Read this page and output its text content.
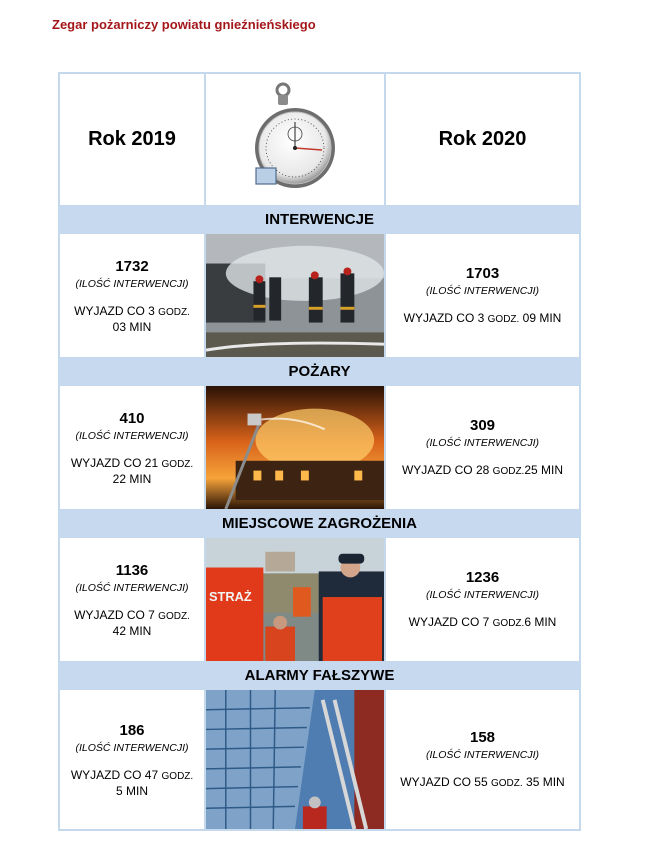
Zegar pożarniczy powiatu gnieźnieńskiego
Rok 2019	Rok 2020
INTERWENCJE
1732
(ILOŚĆ INTERWENCJI)
WYJAZD CO 3 GODZ.
03 MIN
1703
(ILOŚĆ INTERWENCJI)
WYJAZD CO 3 GODZ. 09 MIN
POŻARY
410
(ILOŚĆ INTERWENCJI)
WYJAZD CO 21 GODZ.
22 MIN
309
(ILOŚĆ INTERWENCJI)
WYJAZD CO 28 GODZ.25 MIN
MIEJSCOWE ZAGROŻENIA
1136
(ILOŚĆ INTERWENCJI)
WYJAZD CO 7 GODZ.
42 MIN
STRAŻ
1236
(ILOŚĆ INTERWENCJI)
WYJAZD CO 7 GODZ.6 MIN
ALARMY FAŁSZYWE
186
(ILOŚĆ INTERWENCJI)
WYJAZD CO 47 GODZ.
5 MIN
158
(ILOŚĆ INTERWENCJI)
WYJAZD CO 55 GODZ. 35 MIN
